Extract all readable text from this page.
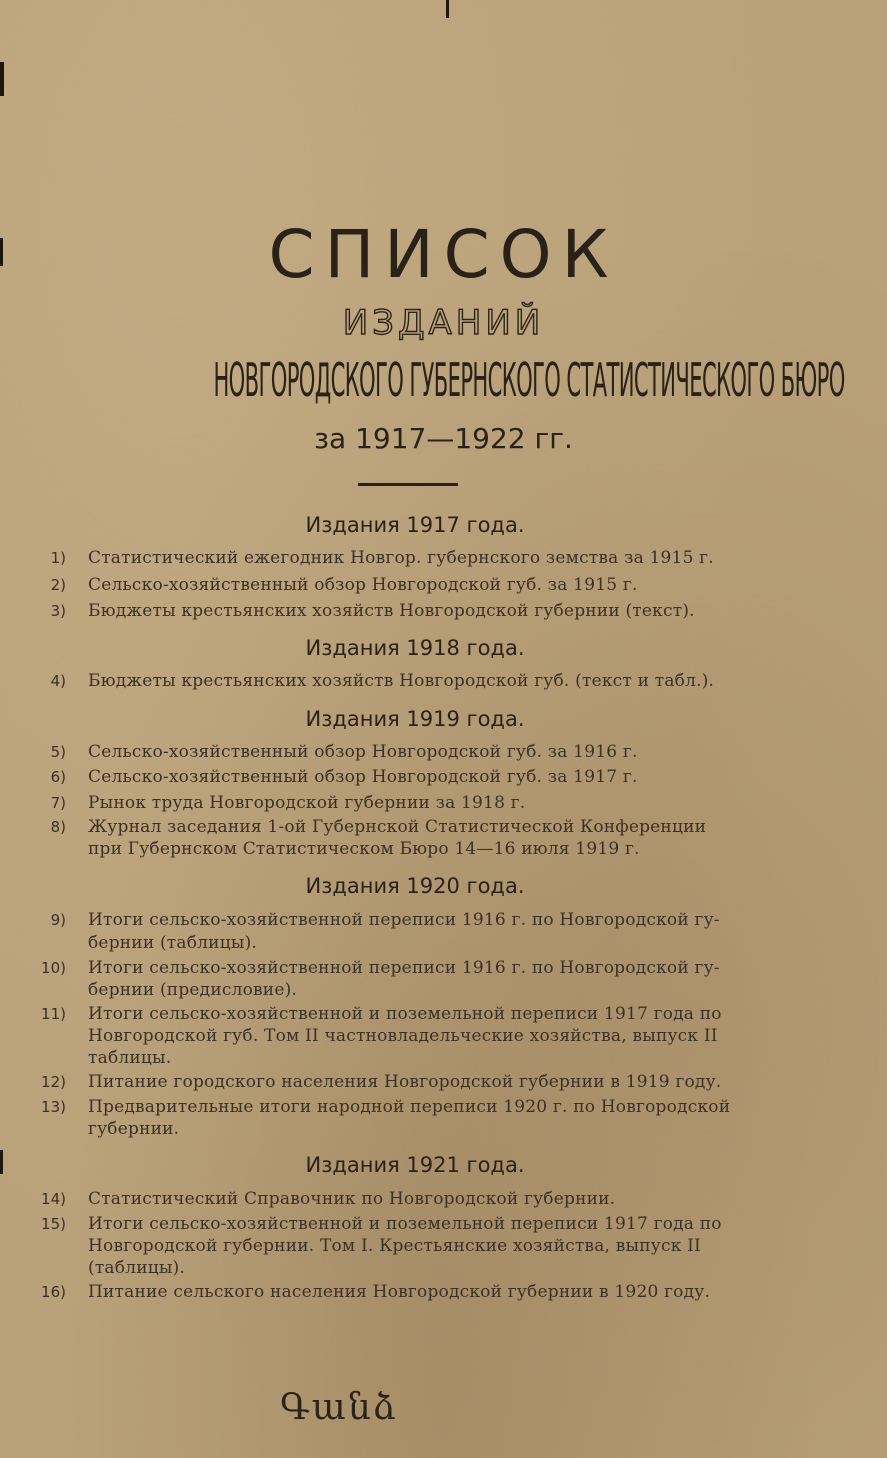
СПИСОК
ИЗДАНИЙ
НОВГОРОДСКОГО ГУБЕРНСКОГО СТАТИСТИЧЕСКОГО БЮРО
за 1917—1922 гг.
Издания 1917 года.
1) Статистический ежегодник Новгор. губернского земства за 1915 г.
2) Сельско-хозяйственный обзор Новгородской губ. за 1915 г.
3) Бюджеты крестьянских хозяйств Новгородской губернии (текст).
Издания 1918 года.
4) Бюджеты крестьянских хозяйств Новгородской губ. (текст и табл.).
Издания 1919 года.
5) Сельско-хозяйственный обзор Новгородской губ. за 1916 г.
6) Сельско-хозяйственный обзор Новгородской губ. за 1917 г.
7) Рынок труда Новгородской губернии за 1918 г.
8) Журнал заседания 1-ой Губернской Статистической Конференции
при Губернском Статистическом Бюро 14—16 июля 1919 г.
Издания 1920 года.
9) Итоги сельско-хозяйственной переписи 1916 г. по Новгородской гу-
бернии (таблицы).
10) Итоги сельско-хозяйственной переписи 1916 г. по Новгородской гу-
бернии (предисловие).
11) Итоги сельско-хозяйственной и поземельной переписи 1917 года по
Новгородской губ. Том II частновладельческие хозяйства, выпуск II
таблицы.
12) Питание городского населения Новгородской губернии в 1919 году.
13) Предварительные итоги народной переписи 1920 г. по Новгородской
губернии.
Издания 1921 года.
14) Статистический Справочник по Новгородской губернии.
15) Итоги сельско-хозяйственной и поземельной переписи 1917 года по
Новгородской губернии. Том I. Крестьянские хозяйства, выпуск II
(таблицы).
16) Питание сельского населения Новгородской губернии в 1920 году.
Գանձ
